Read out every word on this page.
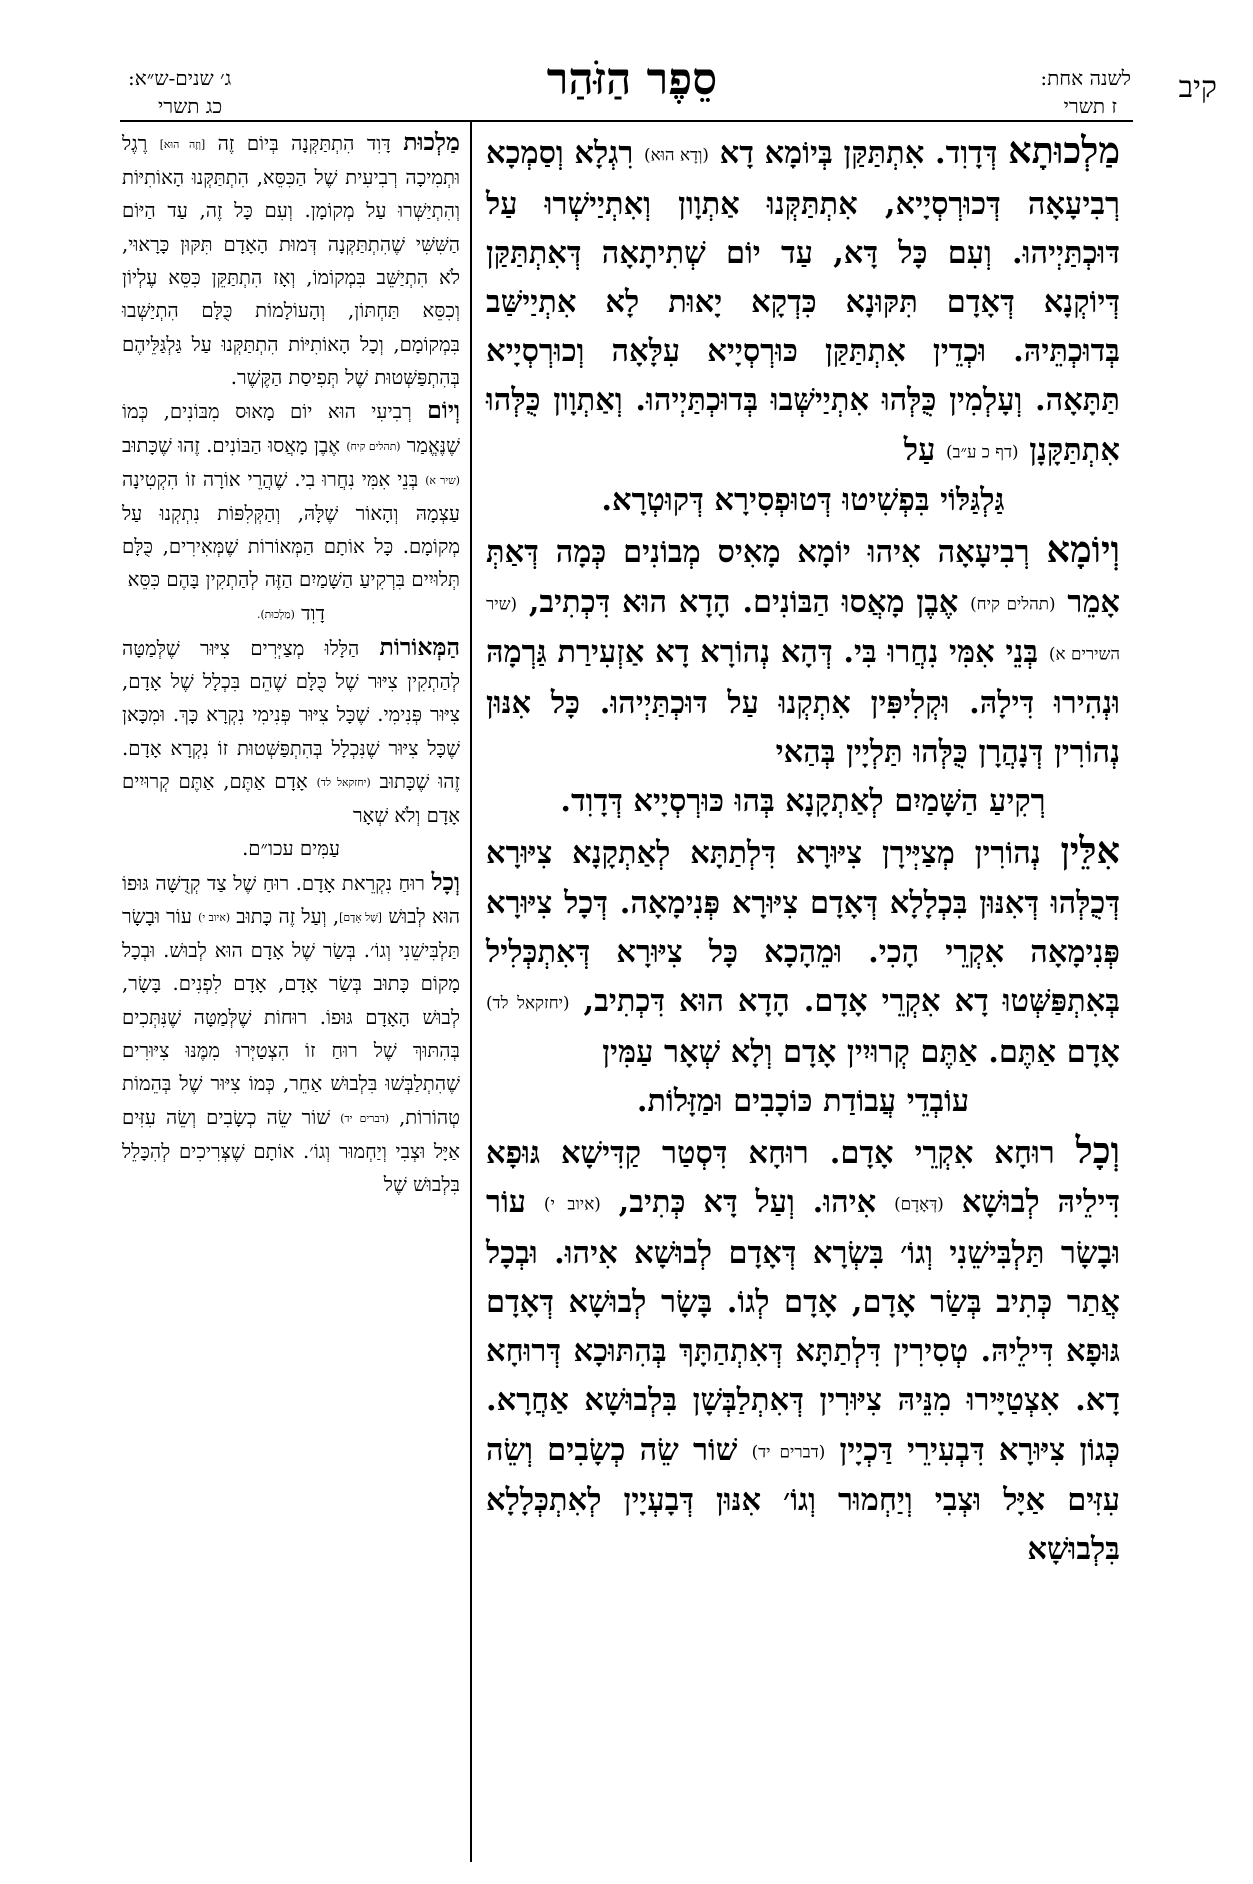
קיב
לשנה אחת:
ז תשרי
סֵפֶר הַזֹּהַר
ג׳ שנים-ש״א:
כג תשרי

מַלְכוּתָא דְּדָוִד. אִתְתַּקַּן בְּיוֹמָא דָא (וְדָא הוּא) רִגְלָא וְסַמְכָא רְבִיעָאָה דְּכוּרְסְיָיא, אִתְתַּקְּנוּ אַתְוָון וְאִתְיַישְׁרוּ עַל דּוּכְתַּיְיהוּ. וְעִם כָּל דָּא, עַד יוֹם שְׁתִיתָאָה דְּאִתְתַּקַּן דְּיוֹקְנָא דְּאָדָם תִּקּוּנָא כִּדְקָא יָאוּת לָא אִתְיַישַּׁב בְּדוּכְתֵּיהּ. וּכְדֵין אִתְתַּקַּן כּוּרְסְיָיא עִלָּאָה וְכוּרְסְיָיא תַּתָּאָה. וְעָלְמִין כֻּלְּהוּ אִתְיַישְּׁבוּ בְּדוּכְתַּיְיהוּ. וְאַתְוָון כֻּלְּהוּ אִתְתַּקָּנָן (דף כ ע״ב) עַל
גַּלְגַּלּוֹי בִּפְשִׁיטוּ דְּטוּפְסִירָא דְּקוּטְרָא.

וְיוֹמָא רְבִיעָאָה אִיהוּ יוֹמָא מָאִיס מְבוֹנִים כְּמָה דְּאַתְּ אָמֵר (תהלים קיח) אֶבֶן מָאֲסוּ הַבּוֹנִים. הָדָא הוּא דִּכְתִיב, (שיר השירים א) בְּנֵי אִמִּי נִחֲרוּ בִּי. דְּהָא נְהוֹרָא דָא אַזְעִירַת גַּרְמָהּ וּנְהִירוּ דִּילָהּ. וּקְלִיפִּין אִתְקְנוּ עַל דּוּכְתַּיְיהוּ. כָּל אִנּוּן נְהוֹרִין דְּנָהֲרָן כֻּלְּהוּ תַּלְיָין בְּהַאי
רְקִיעַ הַשָּׁמַיִם לְאַתְקָנָא בְּהוּ כּוּרְסְיָיא דְּדָוִד.

אִלֵּין נְהוֹרִין מְצַיְּירָן צִיּוּרָא דִּלְתַתָּא לְאַתְקָנָא צִיּוּרָא דְּכֻלְּהוּ דְּאִנּוּן בִּכְלָלָא דְּאָדָם צִיּוּרָא פְּנִימָאָה. דְּכָל צִיּוּרָא פְּנִימָאָה אִקְרֵי הָכִי. וּמֵהָכָא כָּל צִיּוּרָא דְּאִתְכְּלִיל בְּאִתְפַּשְּׁטוּ דָא אִקְרֵי אָדָם. הָדָא הוּא דִּכְתִיב, (יחזקאל לד) אָדָם אַתֶּם. אַתֶּם קְרוּיִין אָדָם וְלָא שְׁאָר עַמִּין
עוֹבְדֵי עֲבוֹדַת כּוֹכָבִים וּמַזָּלוֹת.

וְכָל רוּחָא אִקְרֵי אָדָם. רוּחָא דִּסְטַר קַדִּישָׁא גּוּפָא דִּילֵיהּ לְבוּשָׁא (דְּאָדָם) אִיהוּ. וְעַל דָּא כְּתִיב, (איוב י) עוֹר וּבָשָׂר תַּלְבִּישֵׁנִי וְגוֹ׳ בִּשְׂרָא דְּאָדָם לְבוּשָׁא אִיהוּ. וּבְכָל אֲתַר כְּתִיב בְּשַׂר אָדָם, אָדָם לְגוֹ. בָּשָׂר לְבוּשָׁא דְּאָדָם גּוּפָא דִּילֵיהּ. טְסִירִין דִּלְתַתָּא דְּאִתְהַתָּךְ בְּהִתּוּכָא דְּרוּחָא דָא. אִצְטַיָּירוּ מִנֵּיהּ צִיּוּרִין דְּאִתְלַבְּשָׁן בִּלְבוּשָׁא אַחֲרָא. כְּגוֹן צִיּוּרָא דִּבְעִירֵי דַּכְיָין (דברים יד) שׁוֹר שֵׂה כְשָׂבִים וְשֵׂה עִזִּים אַיָּל וּצְבִי וְיַחְמוּר וְגוֹ׳ אִנּוּן דְּבָעְיָין לְאִתְכְּלָלָא בִּלְבוּשָׁא

מַלְכוּת דָּוִד הִתְתַּקְּנָה בְּיוֹם זֶה [וְזֶה הוּא] רֶגֶל וּתְמִיכָה רְבִיעִית שֶׁל הַכִּסֵּא, הִתְתַּקְּנוּ הָאוֹתִיּוֹת וְהִתְיַשְּׁרוּ עַל מְקוֹמָן. וְעִם כָּל זֶה, עַד הַיּוֹם הַשִּׁשִּׁי שֶׁהִתְתַּקְּנָה דְּמוּת הָאָדָם תִּקּוּן כָּרָאוּי, לֹא הִתְיַשֵּׁב בִּמְקוֹמוֹ, וְאָז הִתְתַּקֵּן כִּסֵּא עֶלְיוֹן וְכִסֵּא תַּחְתּוֹן, וְהָעוֹלָמוֹת כֻּלָּם הִתְיַשְּׁבוּ בִּמְקוֹמָם, וְכָל הָאוֹתִיּוֹת הִתְתַּקְּנוּ עַל גַּלְגַּלֵּיהֶם בְּהִתְפַּשְּׁטוּת שֶׁל תְּפִיסַת הַקֶּשֶׁר.

וְיוֹם רְבִיעִי הוּא יוֹם מָאוּס מִבּוֹנִים, כְּמוֹ שֶׁנֶּאֱמַר (תהלים קיח) אֶבֶן מָאֲסוּ הַבּוֹנִים. זֶהוּ שֶׁכָּתוּב (שיר א) בְּנֵי אִמִּי נִחֲרוּ בִי. שֶׁהֲרֵי אוֹרָה זוֹ הִקְטִינָה עַצְמָהּ וְהָאוֹר שֶׁלָּהּ, וְהַקְּלִפּוֹת נִתְקְנוּ עַל מְקוֹמָם. כָּל אוֹתָם הַמְּאוֹרוֹת שֶׁמְּאִירִים, כֻּלָּם תְּלוּיִים בִּרְקִיעַ הַשָּׁמַיִם הַזֶּה לְהַתְקִין בָּהֶם כִּסֵּא
דָוִד (מַלְכוּת).

הַמְּאוֹרוֹת הַלָּלוּ מְצַיְּרִים צִיּוּר שֶׁלְּמַטָּה לְהַתְקִין צִיּוּר שֶׁל כֻּלָּם שֶׁהֵם בִּכְלָל שֶׁל אָדָם, צִיּוּר פְּנִימִי. שֶׁכָּל צִיּוּר פְּנִימִי נִקְרָא כָּךְ. וּמִכָּאן שֶׁכָּל צִיּוּר שֶׁנִּכְלָל בְּהִתְפַּשְּׁטוּת זוֹ נִקְרָא אָדָם. זֶהוּ שֶׁכָּתוּב (יחזקאל לד) אָדָם אַתֶּם, אַתֶּם קְרוּיִים אָדָם וְלֹא שְׁאָר
עַמִּים עכו״ם.

וְכָל רוּחַ נִקְרֵאת אָדָם. רוּחַ שֶׁל צַד קְדֻשָּׁה גּוּפוֹ הוּא לְבוּשׁ [שֶׁל אָדָם], וְעַל זֶה כָּתוּב (איוב י) עוֹר וּבָשָׂר תַּלְבִּישֵׁנִי וְגוֹ׳. בְּשַׂר שֶׁל אָדָם הוּא לְבוּשׁ. וּבְכָל מָקוֹם כָּתוּב בְּשַׂר אָדָם, אָדָם לִפְנִים. בָּשָׂר, לְבוּשׁ הָאָדָם גּוּפוֹ. רוּחוֹת שֶׁלְּמַטָּה שֶׁנִּתְּכִים בְּהִתּוּךְ שֶׁל רוּחַ זוֹ הִצְטַיְּרוּ מִמֶּנּוּ צִיּוּרִים שֶׁהִתְלַבְּשׁוּ בִּלְבוּשׁ אַחֵר, כְּמוֹ צִיּוּר שֶׁל בְּהֵמוֹת טְהוֹרוֹת, (דברים יד) שׁוֹר שֵׂה כְשָׂבִים וְשֵׂה עִזִּים אַיָּל וּצְבִי וְיַחְמוּר וְגוֹ׳. אוֹתָם שֶׁצְּרִיכִים לְהִכָּלֵל בִּלְבוּשׁ שֶׁל
